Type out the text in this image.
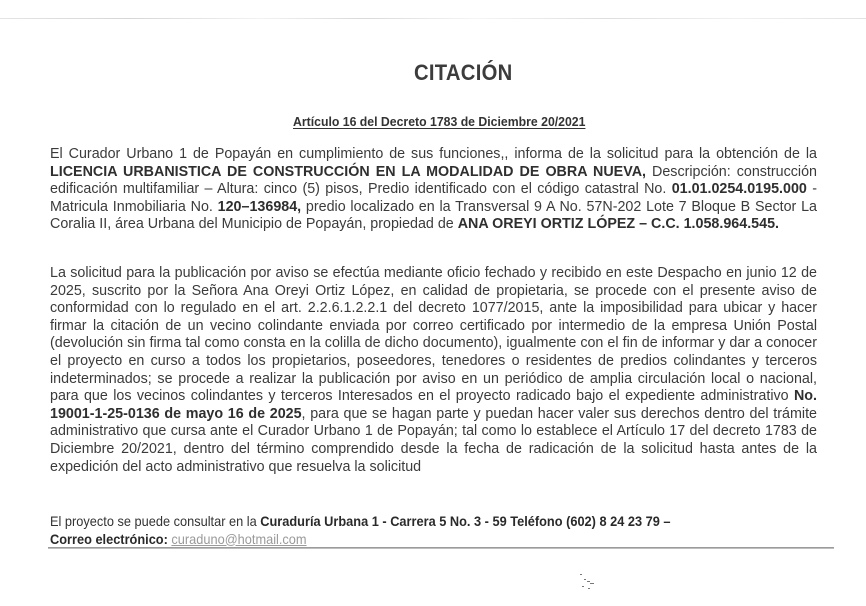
CITACIÓN
Artículo 16 del Decreto 1783 de Diciembre 20/2021
El Curador Urbano 1 de Popayán en cumplimiento de sus funciones,, informa de la solicitud para la obtención de la LICENCIA URBANISTICA DE CONSTRUCCIÓN EN LA MODALIDAD DE OBRA NUEVA, Descripción: construcción edificación multifamiliar – Altura: cinco (5) pisos, Predio identificado con el código catastral No. 01.01.0254.0195.000 - Matricula Inmobiliaria No. 120–136984, predio localizado en la Transversal 9 A No. 57N-202 Lote 7 Bloque B Sector La Coralia II, área Urbana del Municipio de Popayán, propiedad de ANA OREYI ORTIZ LÓPEZ – C.C. 1.058.964.545.
La solicitud para la publicación por aviso se efectúa mediante oficio fechado y recibido en este Despacho en junio 12 de 2025, suscrito por la Señora Ana Oreyi Ortiz López, en calidad de propietaria, se procede con el presente aviso de conformidad con lo regulado en el art. 2.2.6.1.2.2.1 del decreto 1077/2015, ante la imposibilidad para ubicar y hacer firmar la citación de un vecino colindante enviada por correo certificado por intermedio de la empresa Unión Postal (devolución sin firma tal como consta en la colilla de dicho documento), igualmente con el fin de informar y dar a conocer el proyecto en curso a todos los propietarios, poseedores, tenedores o residentes de predios colindantes y terceros indeterminados; se procede a realizar la publicación por aviso en un periódico de amplia circulación local o nacional, para que los vecinos colindantes y terceros Interesados en el proyecto radicado bajo el expediente administrativo No. 19001-1-25-0136 de mayo 16 de 2025, para que se hagan parte y puedan hacer valer sus derechos dentro del trámite administrativo que cursa ante el Curador Urbano 1 de Popayán; tal como lo establece el Artículo 17 del decreto 1783 de Diciembre 20/2021, dentro del término comprendido desde la fecha de radicación de la solicitud hasta antes de la expedición del acto administrativo que resuelva la solicitud
El proyecto se puede consultar en la Curaduría Urbana 1 - Carrera 5 No. 3 - 59 Teléfono (602) 8 24 23 79 –
Correo electrónico: curaduno@hotmail.com
